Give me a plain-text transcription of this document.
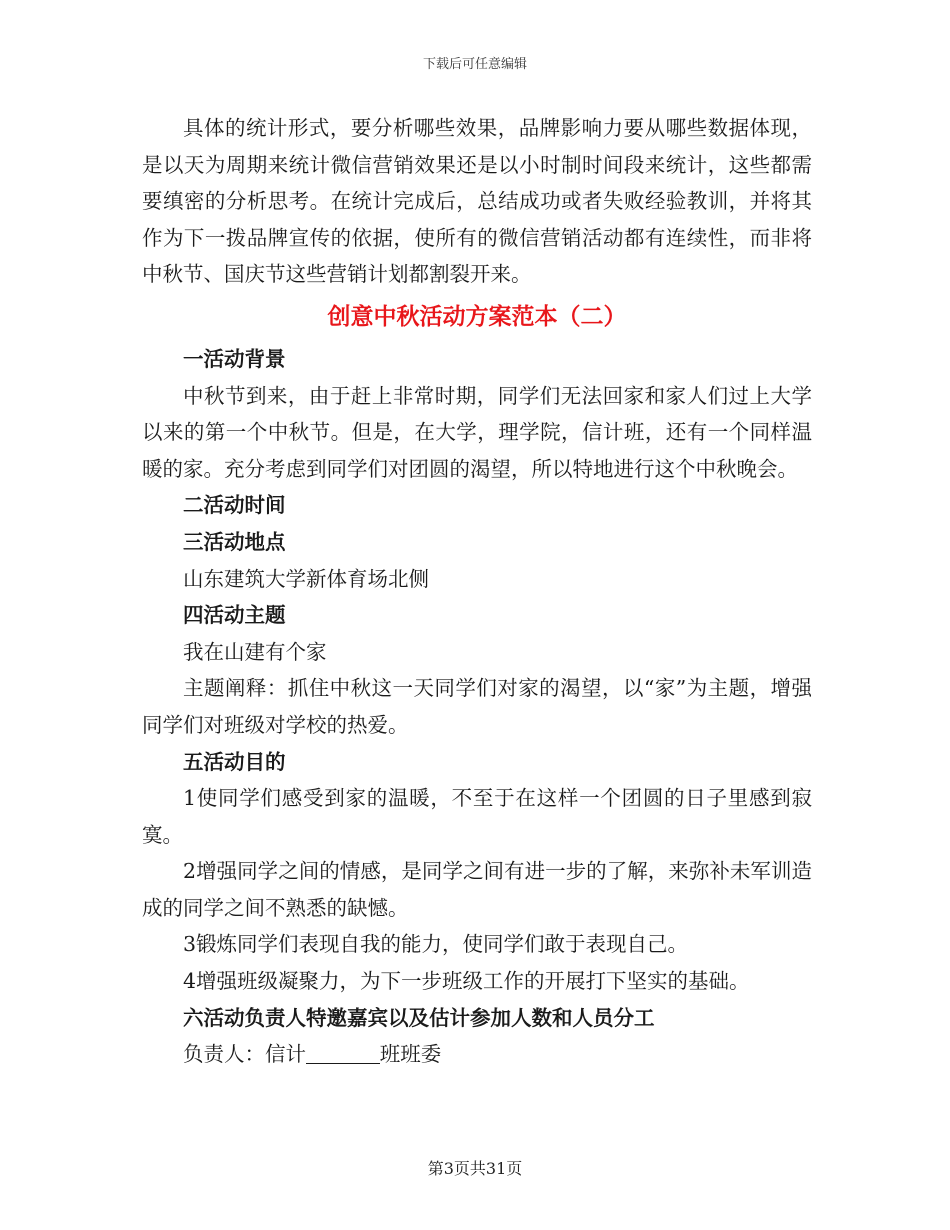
下载后可任意编辑

具体的统计形式，要分析哪些效果，品牌影响力要从哪些数据体现，是以天为周期来统计微信营销效果还是以小时制时间段来统计，这些都需要缜密的分析思考。在统计完成后，总结成功或者失败经验教训，并将其作为下一拨品牌宣传的依据，使所有的微信营销活动都有连续性，而非将中秋节、国庆节这些营销计划都割裂开来。

创意中秋活动方案范本（二）
一活动背景

中秋节到来，由于赶上非常时期，同学们无法回家和家人们过上大学以来的第一个中秋节。但是，在大学，理学院，信计班，还有一个同样温暖的家。充分考虑到同学们对团圆的渴望，所以特地进行这个中秋晚会。

二活动时间
三活动地点

山东建筑大学新体育场北侧

四活动主题

我在山建有个家

主题阐释：抓住中秋这一天同学们对家的渴望，以“家”为主题，增强同学们对班级对学校的热爱。

五活动目的

1使同学们感受到家的温暖，不至于在这样一个团圆的日子里感到寂寞。

2增强同学之间的情感，是同学之间有进一步的了解，来弥补未军训造成的同学之间不熟悉的缺憾。

3锻炼同学们表现自我的能力，使同学们敢于表现自己。

4增强班级凝聚力，为下一步班级工作的开展打下坚实的基础。

六活动负责人特邀嘉宾以及估计参加人数和人员分工

负责人：信计	班班委

第3页共31页
